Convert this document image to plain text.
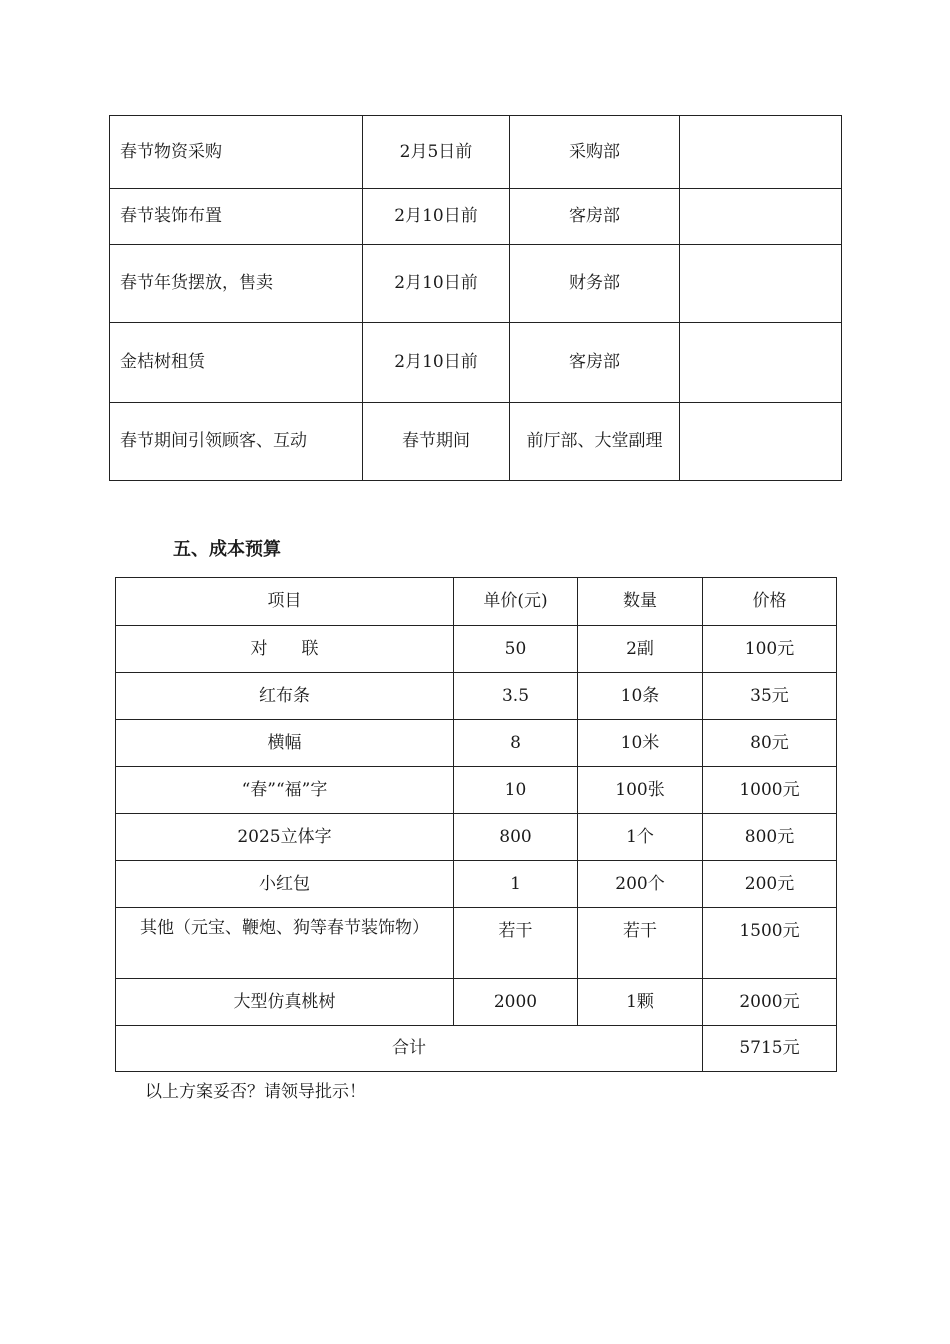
春节物资采购	2月5日前	采购部	
春节装饰布置	2月10日前	客房部	
春节年货摆放，售卖	2月10日前	财务部	
金桔树租赁	2月10日前	客房部	
春节期间引领顾客、互动	春节期间	前厅部、大堂副理	
五、成本预算
项目	单价(元)	数量	价格
对　　联	50	2副	100元
红布条	3.5	10条	35元
横幅	8	10米	80元
“春”“福”字	10	100张	1000元
2025立体字	800	1个	800元
小红包	1	200个	200元
其他（元宝、鞭炮、狗等春节装饰物）	若干	若干	1500元
大型仿真桃树	2000	1颗	2000元
合计			5715元

以上方案妥否？请领导批示！
